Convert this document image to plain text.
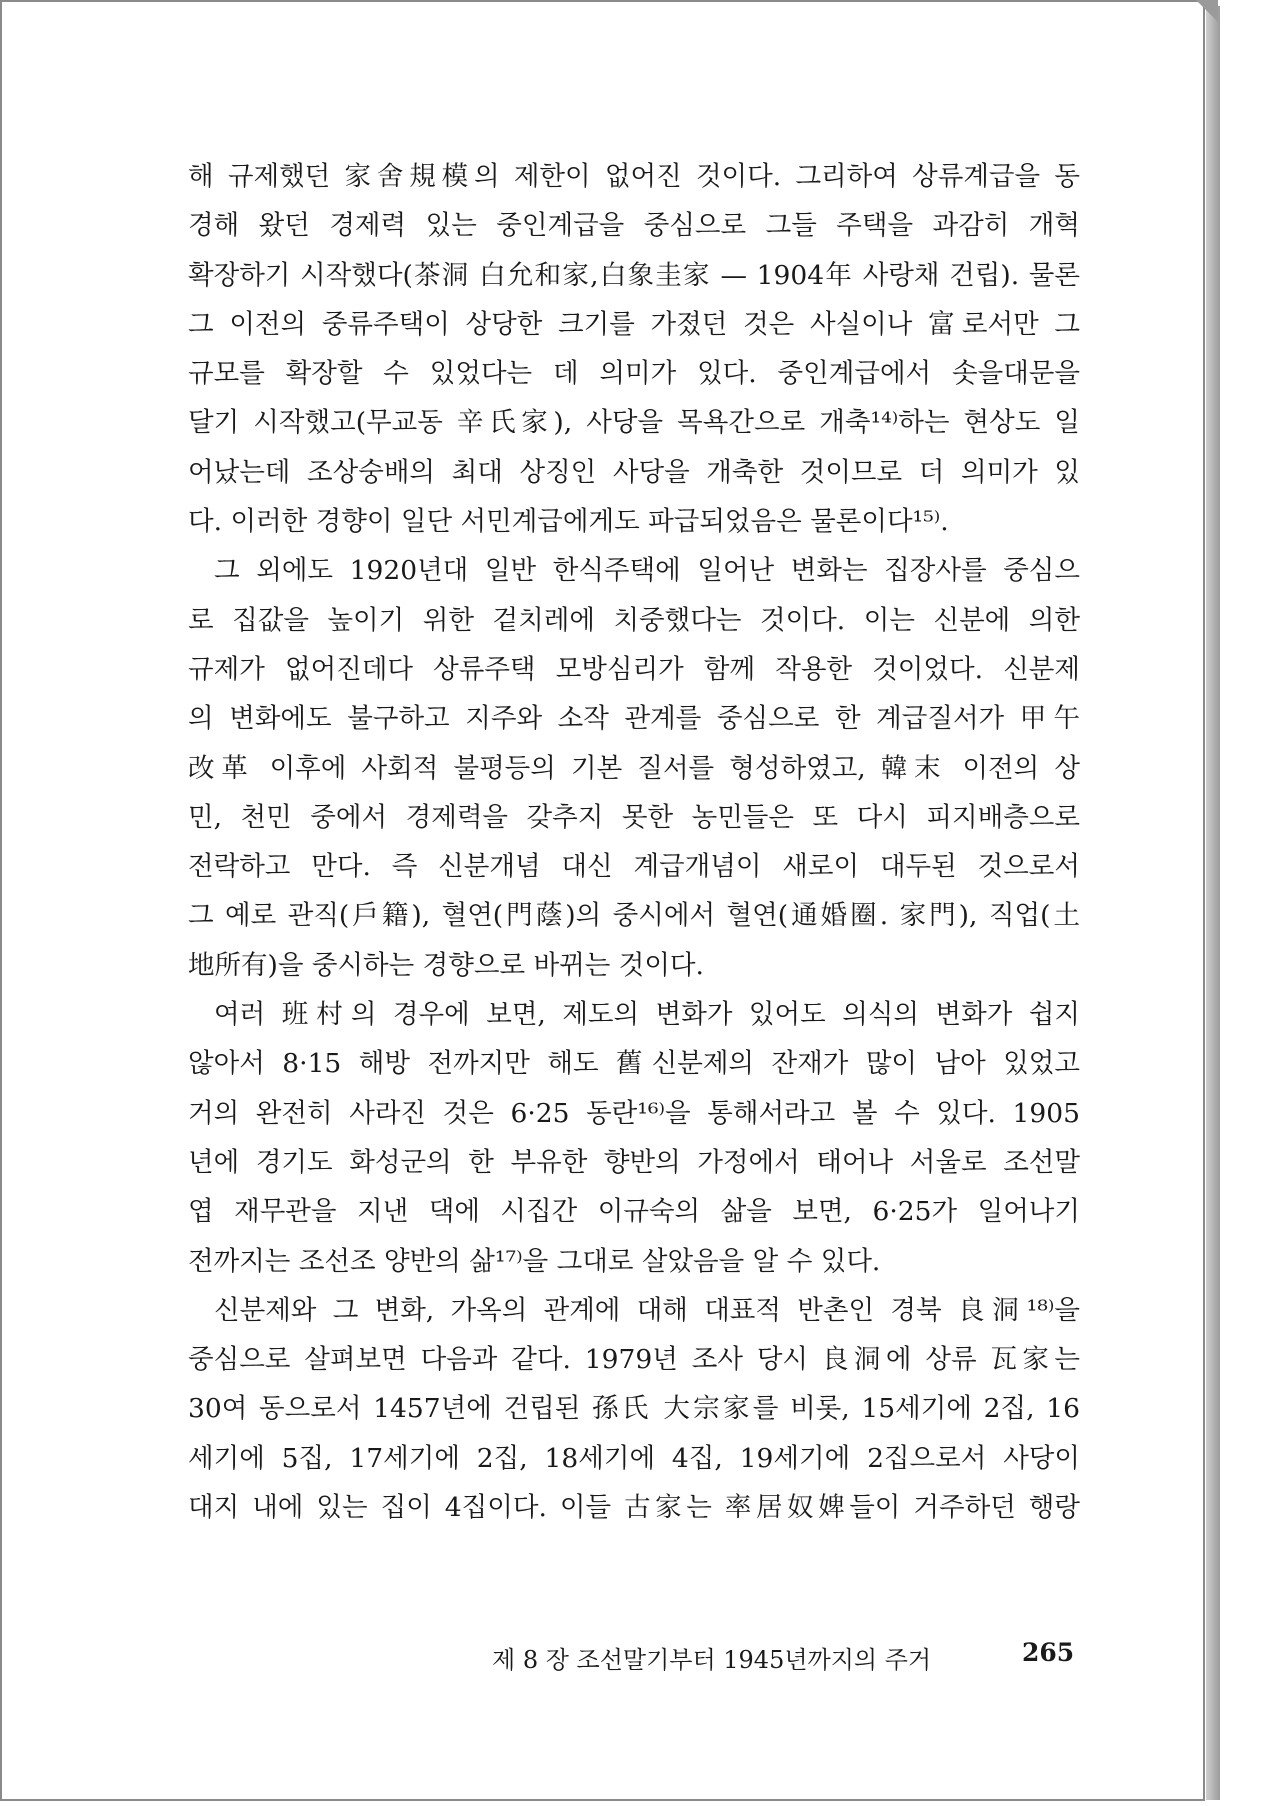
해 규제했던 家舍規模의 제한이 없어진 것이다. 그리하여 상류계급을 동
경해 왔던 경제력 있는 중인계급을 중심으로 그들 주택을 과감히 개혁
확장하기 시작했다(茶洞 白允和家,白象圭家 — 1904年 사랑채 건립). 물론
그 이전의 중류주택이 상당한 크기를 가졌던 것은 사실이나 富로서만 그
규모를 확장할 수 있었다는 데 의미가 있다. 중인계급에서 솟을대문을
달기 시작했고(무교동 辛氏家), 사당을 목욕간으로 개축¹⁴⁾하는 현상도 일
어났는데 조상숭배의 최대 상징인 사당을 개축한 것이므로 더 의미가 있
다. 이러한 경향이 일단 서민계급에게도 파급되었음은 물론이다¹⁵⁾.

그 외에도 1920년대 일반 한식주택에 일어난 변화는 집장사를 중심으
로 집값을 높이기 위한 겉치레에 치중했다는 것이다. 이는 신분에 의한
규제가 없어진데다 상류주택 모방심리가 함께 작용한 것이었다. 신분제
의 변화에도 불구하고 지주와 소작 관계를 중심으로 한 계급질서가 甲午
改革 이후에 사회적 불평등의 기본 질서를 형성하였고, 韓末 이전의 상
민, 천민 중에서 경제력을 갖추지 못한 농민들은 또 다시 피지배층으로
전락하고 만다. 즉 신분개념 대신 계급개념이 새로이 대두된 것으로서
그 예로 관직(戶籍), 혈연(門蔭)의 중시에서 혈연(通婚圈. 家門), 직업(土
地所有)을 중시하는 경향으로 바뀌는 것이다.

여러 班村의 경우에 보면, 제도의 변화가 있어도 의식의 변화가 쉽지
않아서 8·15 해방 전까지만 해도 舊신분제의 잔재가 많이 남아 있었고
거의 완전히 사라진 것은 6·25 동란¹⁶⁾을 통해서라고 볼 수 있다. 1905
년에 경기도 화성군의 한 부유한 향반의 가정에서 태어나 서울로 조선말
엽 재무관을 지낸 댁에 시집간 이규숙의 삶을 보면, 6·25가 일어나기
전까지는 조선조 양반의 삶¹⁷⁾을 그대로 살았음을 알 수 있다.

신분제와 그 변화, 가옥의 관계에 대해 대표적 반촌인 경북 良洞¹⁸⁾을
중심으로 살펴보면 다음과 같다. 1979년 조사 당시 良洞에 상류 瓦家는
30여 동으로서 1457년에 건립된 孫氏 大宗家를 비롯, 15세기에 2집, 16
세기에 5집, 17세기에 2집, 18세기에 4집, 19세기에 2집으로서 사당이
대지 내에 있는 집이 4집이다. 이들 古家는 率居奴婢들이 거주하던 행랑

제 8 장 조선말기부터 1945년까지의 주거	265
